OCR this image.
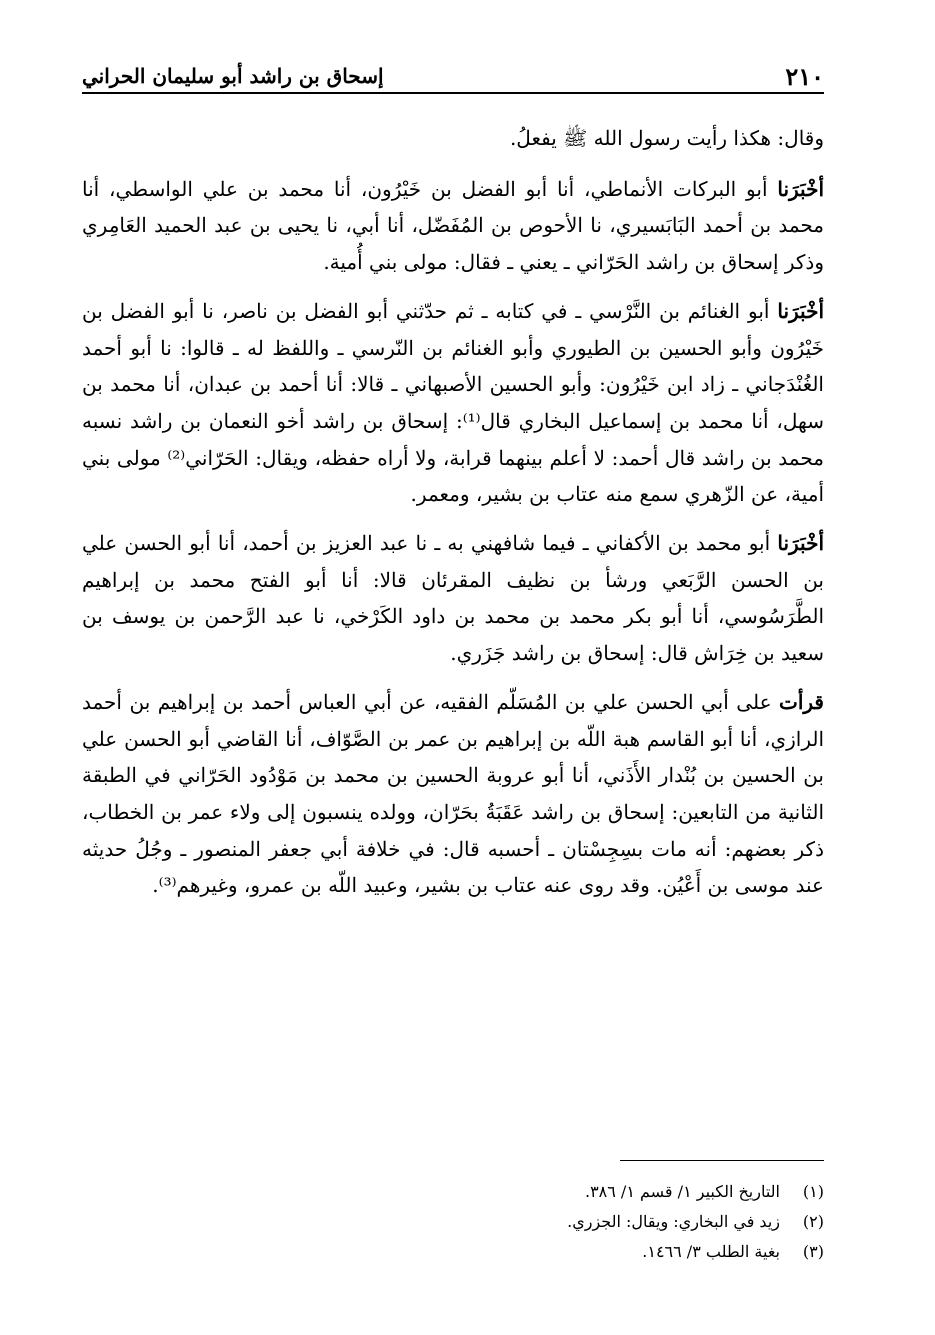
٢١٠
إسحاق بن راشد أبو سليمان الحراني

وقال: هكذا رأيت رسول الله ﷺ يفعلُ.

أخْبَرَنا أبو البركات الأنماطي، أنا أبو الفضل بن خَيْرُون، أنا محمد بن علي الواسطي، أنا محمد بن أحمد البَابَسيري، نا الأحوص بن المُفَضّل، أنا أبي، نا يحيى بن عبد الحميد العَامِري وذكر إسحاق بن راشد الحَرّاني ـ يعني ـ فقال: مولى بني أُمية.

أخْبَرَنا أبو الغنائم بن النَّرْسي ـ في كتابه ـ ثم حدّثني أبو الفضل بن ناصر، نا أبو الفضل بن خَيْرُون وأبو الحسين بن الطيوري وأبو الغنائم بن النّرسي ـ واللفظ له ـ قالوا: نا أبو أحمد الغُنْدَجاني ـ زاد ابن خَيْرُون: وأبو الحسين الأصبهاني ـ قالا: أنا أحمد بن عبدان، أنا محمد بن سهل، أنا محمد بن إسماعيل البخاري قال⁽¹⁾: إسحاق بن راشد أخو النعمان بن راشد نسبه محمد بن راشد قال أحمد: لا أعلم بينهما قرابة، ولا أراه حفظه، ويقال: الحَرّاني⁽²⁾ مولى بني أمية، عن الزّهري سمع منه عتاب بن بشير، ومعمر.

أخْبَرَنا أبو محمد بن الأكفاني ـ فيما شافهني به ـ نا عبد العزيز بن أحمد، أنا أبو الحسن علي بن الحسن الرَّبَعي ورشأ بن نظيف المقرئان قالا: أنا أبو الفتح محمد بن إبراهيم الطَّرَسُوسي، أنا أبو بكر محمد بن محمد بن داود الكَرْخي، نا عبد الرَّحمن بن يوسف بن سعيد بن خِرَاش قال: إسحاق بن راشد جَزَري.

قرأت على أبي الحسن علي بن المُسَلّم الفقيه، عن أبي العباس أحمد بن إبراهيم بن أحمد الرازي، أنا أبو القاسم هبة اللّه بن إبراهيم بن عمر بن الصَّوّاف، أنا القاضي أبو الحسن علي بن الحسين بن بُنْدار الأَذَني، أنا أبو عروبة الحسين بن محمد بن مَوْدُود الحَرّاني في الطبقة الثانية من التابعين: إسحاق بن راشد عَقَبَةُ بحَرّان، وولده ينسبون إلى ولاء عمر بن الخطاب، ذكر بعضهم: أنه مات بسِجِسْتان ـ أحسبه قال: في خلافة أبي جعفر المنصور ـ وجُلُ حديثه عند موسى بن أَعْيُن. وقد روى عنه عتاب بن بشير، وعبيد اللّه بن عمرو، وغيرهم⁽³⁾.

(١)
التاريخ الكبير ١/ قسم ١/ ٣٨٦.
(٢)
زيد في البخاري: ويقال: الجزري.
(٣)
بغية الطلب ٣/ ١٤٦٦.
